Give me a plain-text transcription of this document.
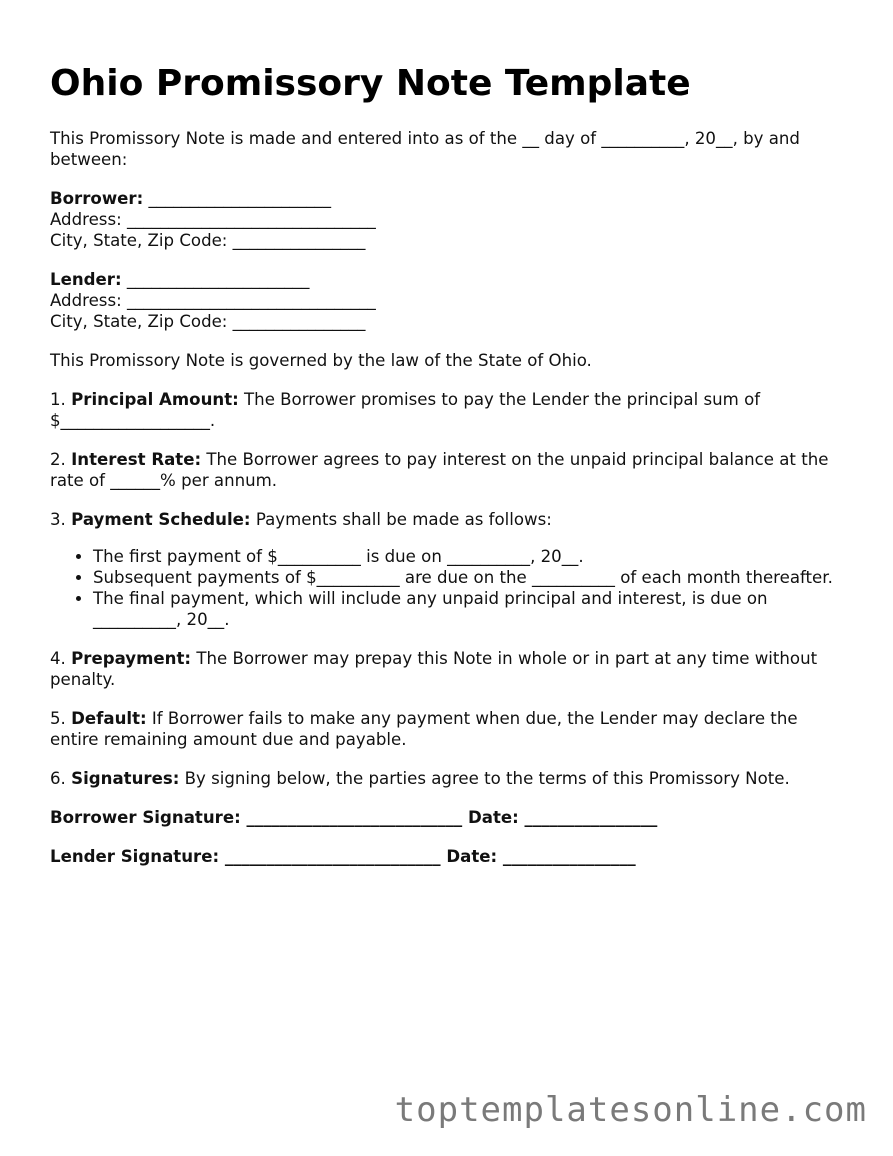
Ohio Promissory Note Template

This Promissory Note is made and entered into as of the __ day of __________, 20__, by and between:

Borrower: ______________________
Address: ______________________________
City, State, Zip Code: ________________

Lender: ______________________
Address: ______________________________
City, State, Zip Code: ________________

This Promissory Note is governed by the law of the State of Ohio.

1. Principal Amount: The Borrower promises to pay the Lender the principal sum of $__________________.

2. Interest Rate: The Borrower agrees to pay interest on the unpaid principal balance at the rate of ______% per annum.

3. Payment Schedule: Payments shall be made as follows:

• The first payment of $__________ is due on __________, 20__.
• Subsequent payments of $__________ are due on the __________ of each month thereafter.
• The final payment, which will include any unpaid principal and interest, is due on __________, 20__.

4. Prepayment: The Borrower may prepay this Note in whole or in part at any time without penalty.

5. Default: If Borrower fails to make any payment when due, the Lender may declare the entire remaining amount due and payable.

6. Signatures: By signing below, the parties agree to the terms of this Promissory Note.

Borrower Signature: __________________________ Date: ________________

Lender Signature: __________________________ Date: ________________

toptemplatesonline.com
